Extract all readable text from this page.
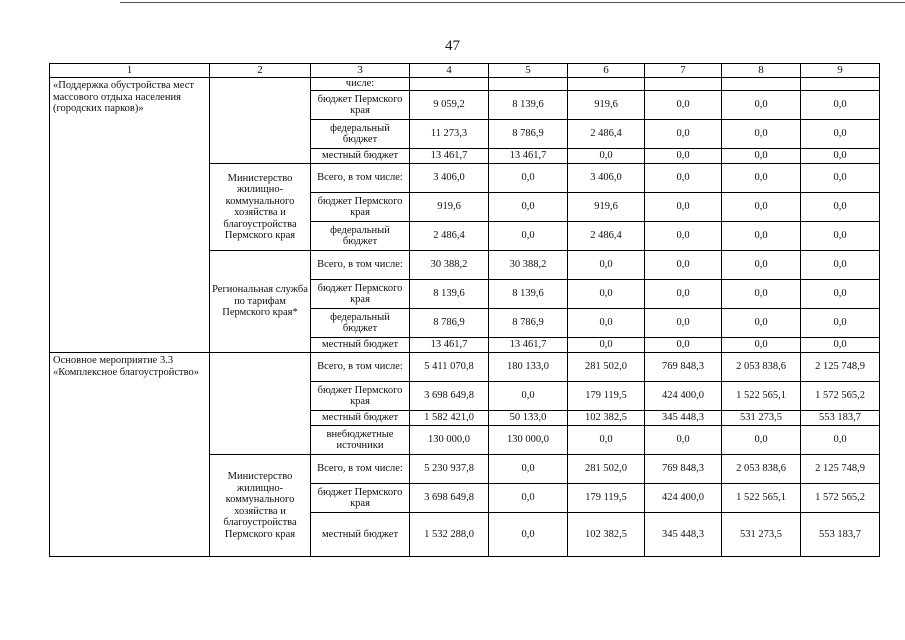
47
1	2	3	4	5	6	7	8	9
«Поддержка обустройства мест массового отдыха населения (городских парков)»		числе:						
		бюджет Пермского края	9 059,2	8 139,6	919,6	0,0	0,0	0,0
		федеральный бюджет	11 273,3	8 786,9	2 486,4	0,0	0,0	0,0
		местный бюджет	13 461,7	13 461,7	0,0	0,0	0,0	0,0
	Министерство жилищно-коммунального хозяйства и благоустройства Пермского края	Всего, в том числе:	3 406,0	0,0	3 406,0	0,0	0,0	0,0
		бюджет Пермского края	919,6	0,0	919,6	0,0	0,0	0,0
		федеральный бюджет	2 486,4	0,0	2 486,4	0,0	0,0	0,0
	Региональная служба по тарифам Пермского края*	Всего, в том числе:	30 388,2	30 388,2	0,0	0,0	0,0	0,0
		бюджет Пермского края	8 139,6	8 139,6	0,0	0,0	0,0	0,0
		федеральный бюджет	8 786,9	8 786,9	0,0	0,0	0,0	0,0
		местный бюджет	13 461,7	13 461,7	0,0	0,0	0,0	0,0
Основное мероприятие 3.3 «Комплексное благоустройство»		Всего, в том числе:	5 411 070,8	180 133,0	281 502,0	769 848,3	2 053 838,6	2 125 748,9
		бюджет Пермского края	3 698 649,8	0,0	179 119,5	424 400,0	1 522 565,1	1 572 565,2
		местный бюджет	1 582 421,0	50 133,0	102 382,5	345 448,3	531 273,5	553 183,7
		внебюджетные источники	130 000,0	130 000,0	0,0	0,0	0,0	0,0
	Министерство жилищно-коммунального хозяйства и благоустройства Пермского края	Всего, в том числе:	5 230 937,8	0,0	281 502,0	769 848,3	2 053 838,6	2 125 748,9
		бюджет Пермского края	3 698 649,8	0,0	179 119,5	424 400,0	1 522 565,1	1 572 565,2
		местный бюджет	1 532 288,0	0,0	102 382,5	345 448,3	531 273,5	553 183,7
